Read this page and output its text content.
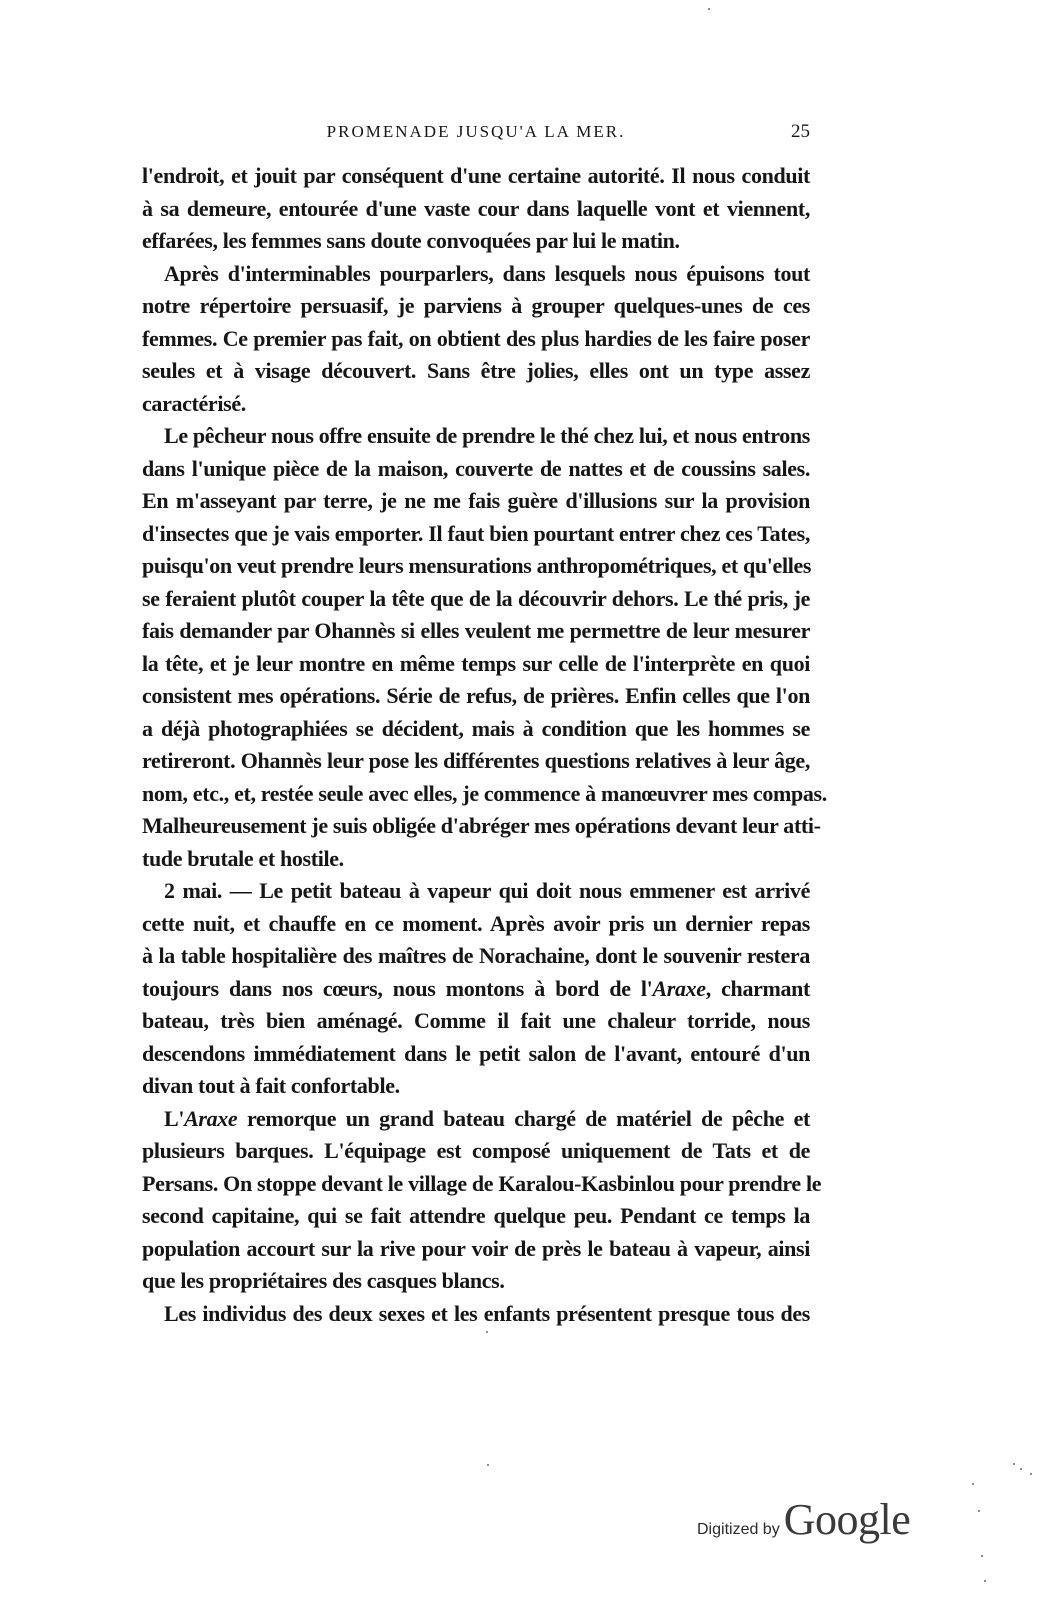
PROMENADE JUSQU'A LA MER.	25

l'endroit, et jouit par conséquent d'une certaine autorité. Il nous conduit
à sa demeure, entourée d'une vaste cour dans laquelle vont et viennent,
effarées, les femmes sans doute convoquées par lui le matin.

Après d'interminables pourparlers, dans lesquels nous épuisons tout
notre répertoire persuasif, je parviens à grouper quelques-unes de ces
femmes. Ce premier pas fait, on obtient des plus hardies de les faire poser
seules et à visage découvert. Sans être jolies, elles ont un type assez
caractérisé.

Le pêcheur nous offre ensuite de prendre le thé chez lui, et nous entrons
dans l'unique pièce de la maison, couverte de nattes et de coussins sales.
En m'asseyant par terre, je ne me fais guère d'illusions sur la provision
d'insectes que je vais emporter. Il faut bien pourtant entrer chez ces Tates,
puisqu'on veut prendre leurs mensurations anthropométriques, et qu'elles
se feraient plutôt couper la tête que de la découvrir dehors. Le thé pris, je
fais demander par Ohannès si elles veulent me permettre de leur mesurer
la tête, et je leur montre en même temps sur celle de l'interprète en quoi
consistent mes opérations. Série de refus, de prières. Enfin celles que l'on
a déjà photographiées se décident, mais à condition que les hommes se
retireront. Ohannès leur pose les différentes questions relatives à leur âge,
nom, etc., et, restée seule avec elles, je commence à manœuvrer mes compas.
Malheureusement je suis obligée d'abréger mes opérations devant leur atti-
tude brutale et hostile.

2 mai. — Le petit bateau à vapeur qui doit nous emmener est arrivé
cette nuit, et chauffe en ce moment. Après avoir pris un dernier repas
à la table hospitalière des maîtres de Norachaine, dont le souvenir restera
toujours dans nos cœurs, nous montons à bord de l'Araxe, charmant
bateau, très bien aménagé. Comme il fait une chaleur torride, nous
descendons immédiatement dans le petit salon de l'avant, entouré d'un
divan tout à fait confortable.

L'Araxe remorque un grand bateau chargé de matériel de pêche et
plusieurs barques. L'équipage est composé uniquement de Tats et de
Persans. On stoppe devant le village de Karalou-Kasbinlou pour prendre le
second capitaine, qui se fait attendre quelque peu. Pendant ce temps la
population accourt sur la rive pour voir de près le bateau à vapeur, ainsi
que les propriétaires des casques blancs.

Les individus des deux sexes et les enfants présentent presque tous des

Digitized by Google
